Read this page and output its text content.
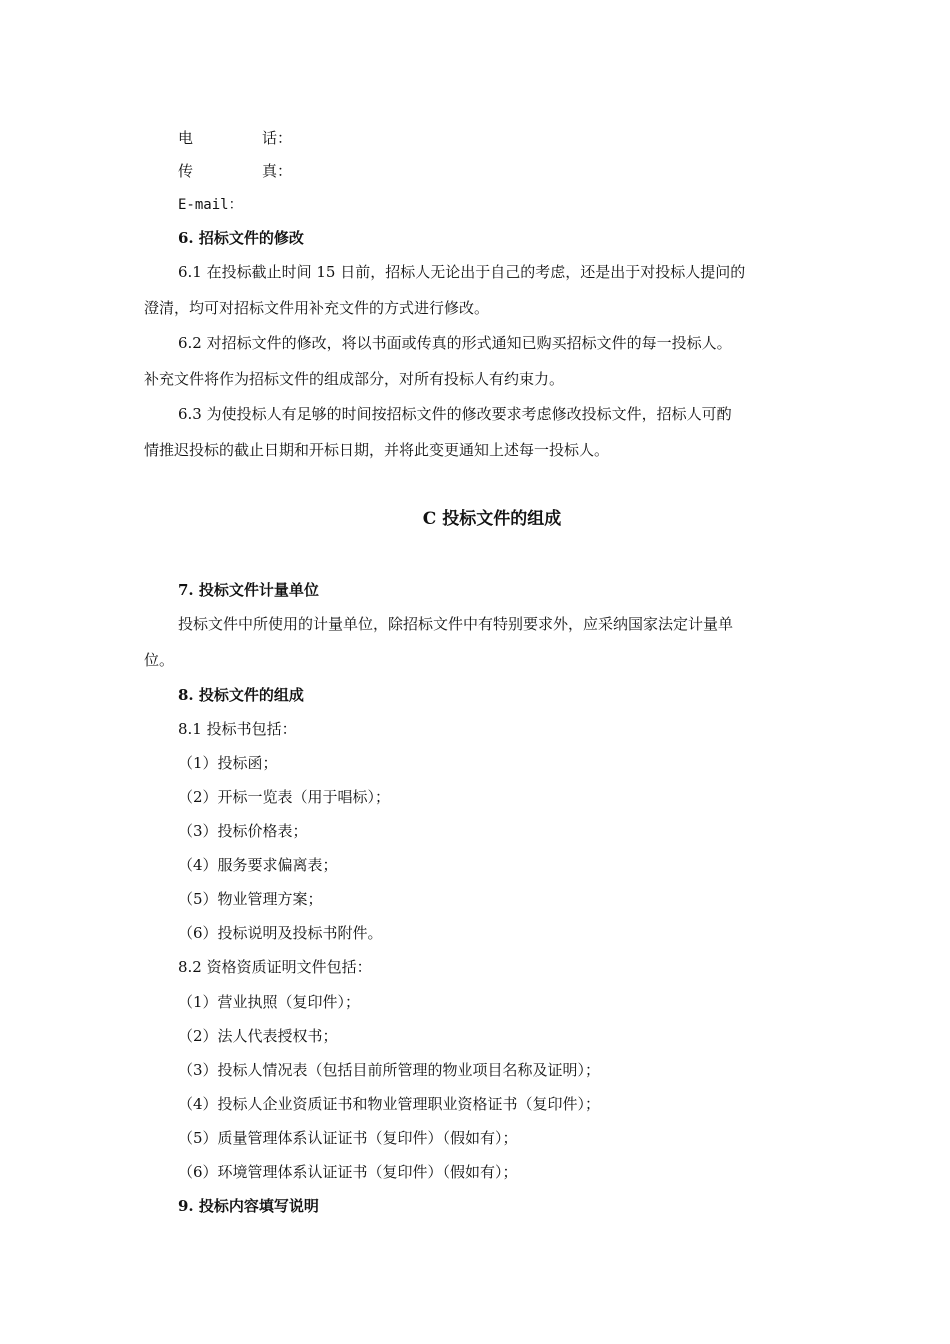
电	话：
传	真：
E-mail：
6. 招标文件的修改
6.1 在投标截止时间 15 日前，招标人无论出于自己的考虑，还是出于对投标人提问的
澄清，均可对招标文件用补充文件的方式进行修改。
6.2 对招标文件的修改，将以书面或传真的形式通知已购买招标文件的每一投标人。
补充文件将作为招标文件的组成部分，对所有投标人有约束力。
6.3 为使投标人有足够的时间按招标文件的修改要求考虑修改投标文件，招标人可酌
情推迟投标的截止日期和开标日期，并将此变更通知上述每一投标人。
C 投标文件的组成
7. 投标文件计量单位
投标文件中所使用的计量单位，除招标文件中有特别要求外，应采纳国家法定计量单
位。
8. 投标文件的组成
8.1 投标书包括：
（1）投标函；
（2）开标一览表（用于唱标）；
（3）投标价格表；
（4）服务要求偏离表；
（5）物业管理方案；
（6）投标说明及投标书附件。
8.2 资格资质证明文件包括：
（1）营业执照（复印件）；
（2）法人代表授权书；
（3）投标人情况表（包括目前所管理的物业项目名称及证明）；
（4）投标人企业资质证书和物业管理职业资格证书（复印件）；
（5）质量管理体系认证证书（复印件）（假如有）；
（6）环境管理体系认证证书（复印件）（假如有）；
9. 投标内容填写说明
